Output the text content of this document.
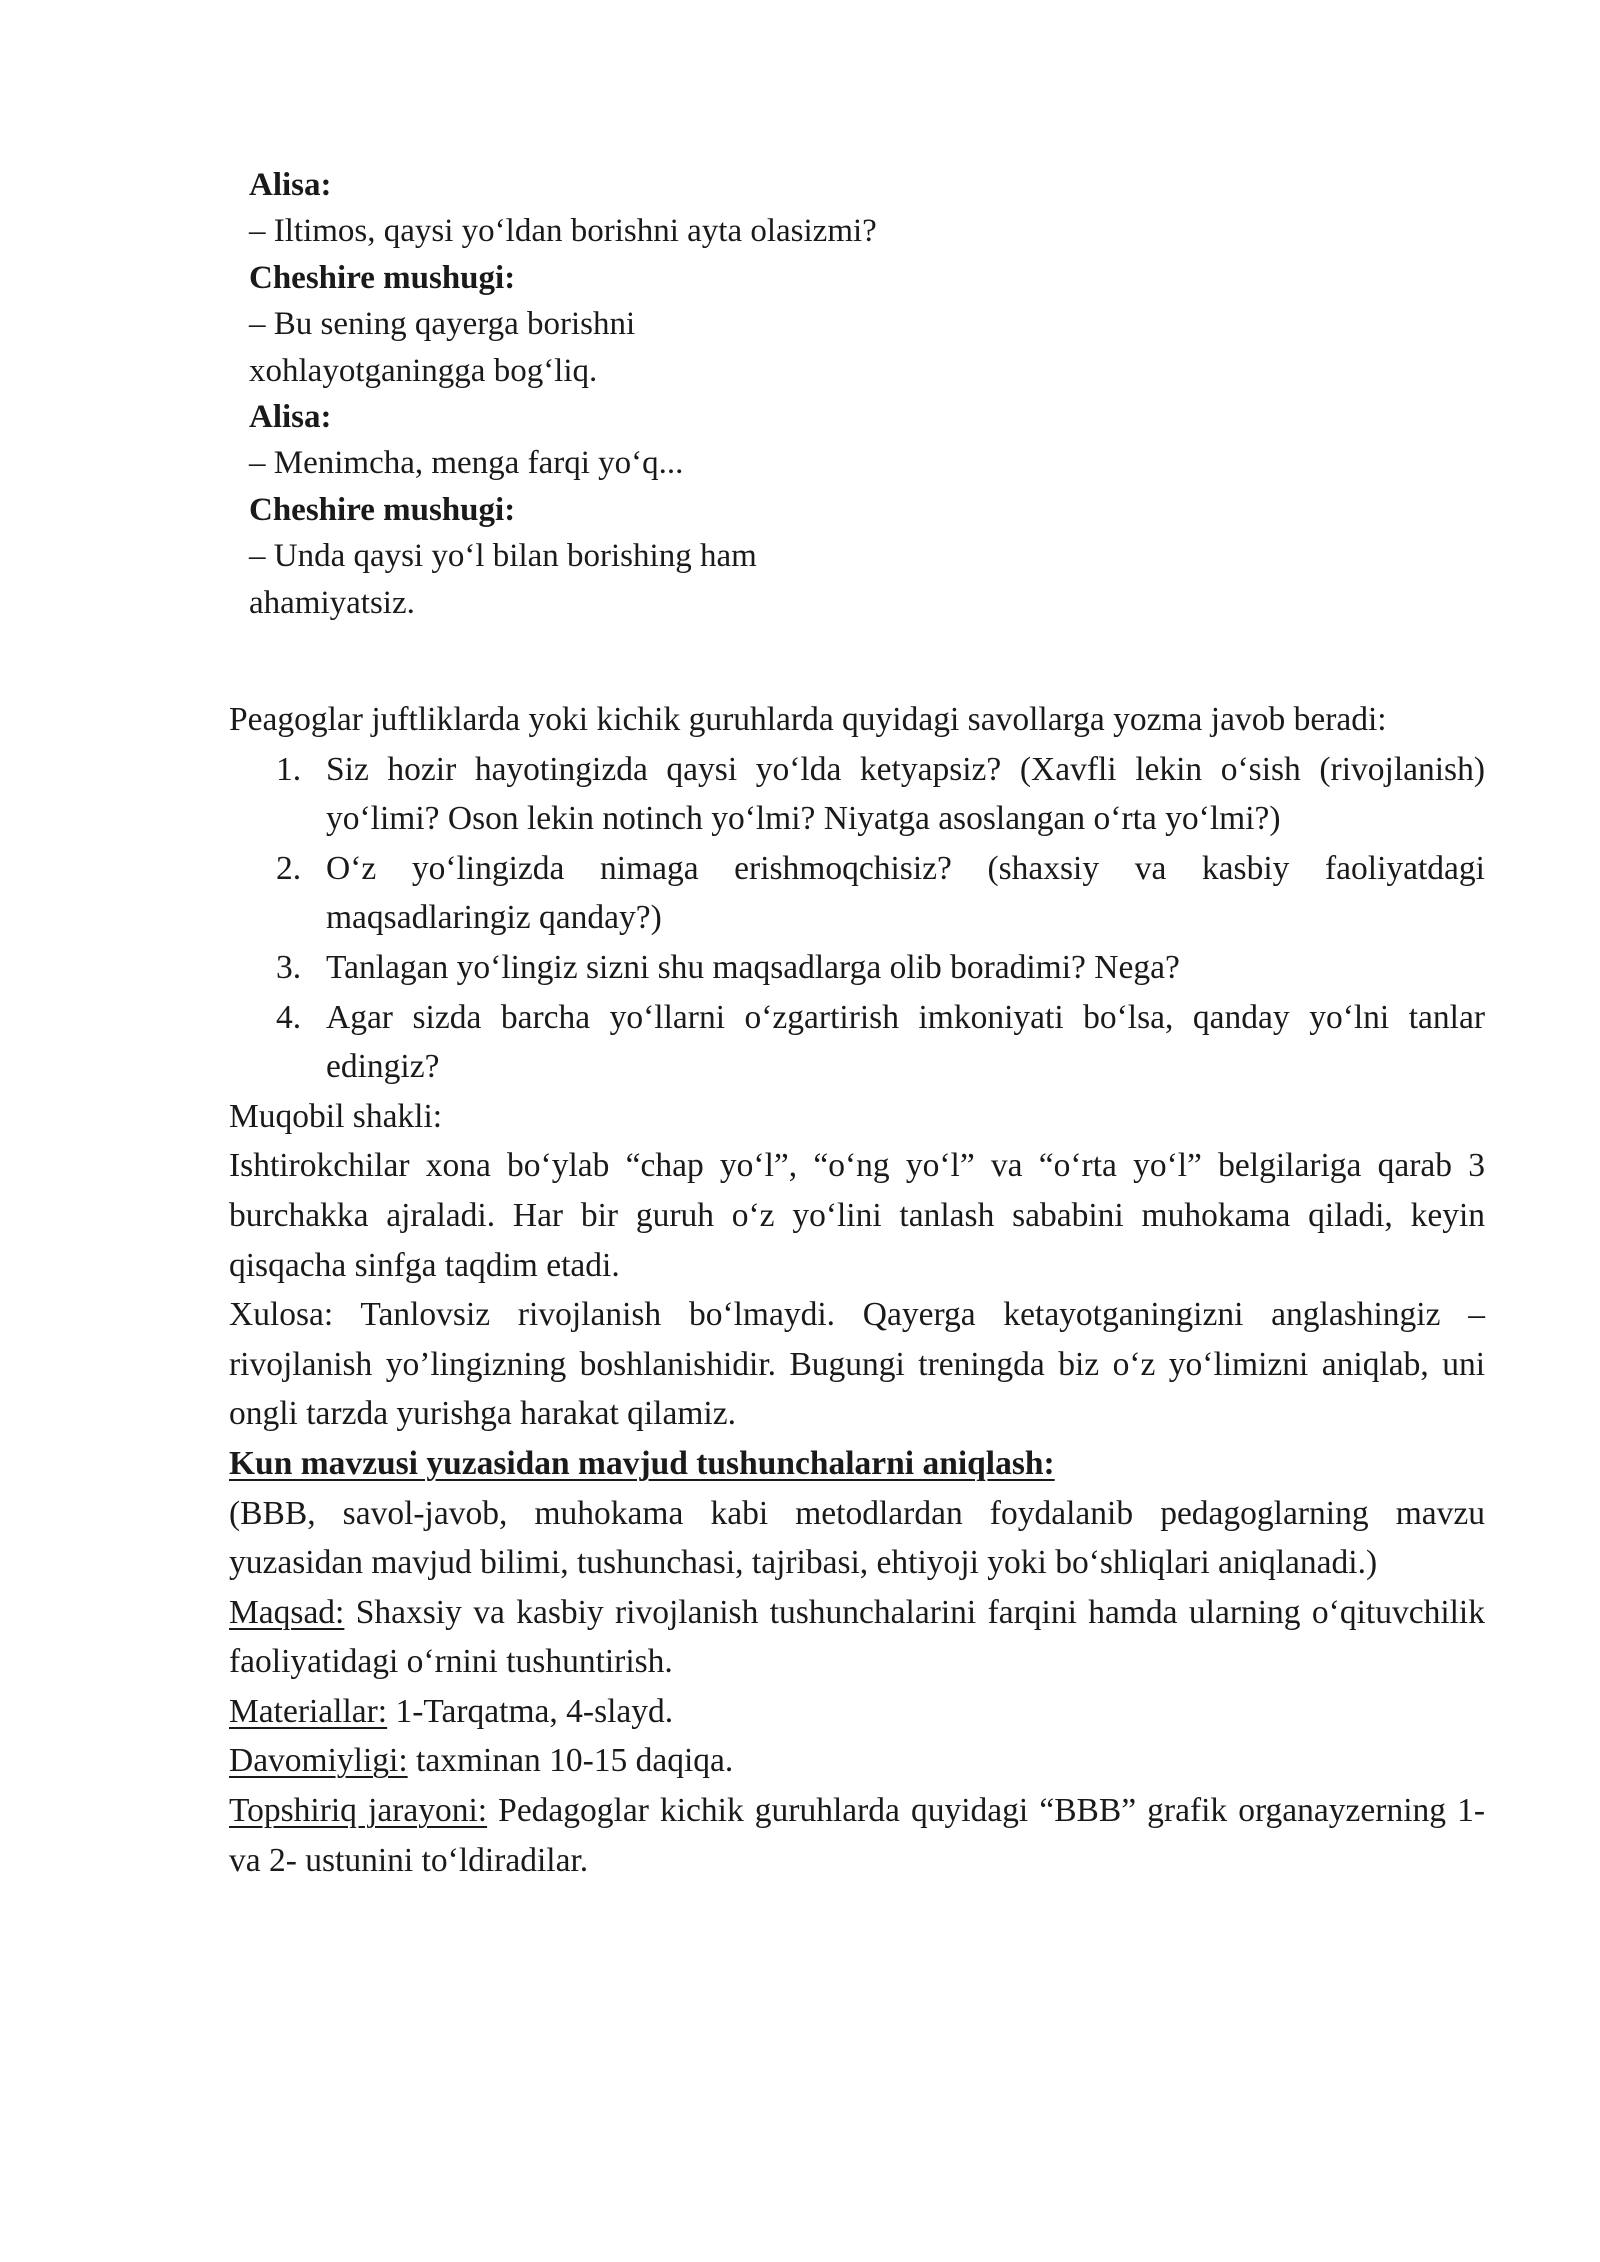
Alisa:
– Iltimos, qaysi yo‘ldan borishni ayta olasizmi?
Cheshire mushugi:
– Bu sening qayerga borishni
xohlayotganingga bog‘liq.
Alisa:
– Menimcha, menga farqi yo‘q...
Cheshire mushugi:
– Unda qaysi yo‘l bilan borishing ham
ahamiyatsiz.

Peagoglar juftliklarda yoki kichik guruhlarda quyidagi savollarga yozma javob beradi:

1. Siz hozir hayotingizda qaysi yo‘lda ketyapsiz? (Xavfli lekin o‘sish (rivojlanish) yo‘limi? Oson lekin notinch yo‘lmi? Niyatga asoslangan o‘rta yo‘lmi?)
2. O‘z yo‘lingizda nimaga erishmoqchisiz? (shaxsiy va kasbiy faoliyatdagi maqsadlaringiz qanday?)
3. Tanlagan yo‘lingiz sizni shu maqsadlarga olib boradimi? Nega?
4. Agar sizda barcha yo‘llarni o‘zgartirish imkoniyati bo‘lsa, qanday yo‘lni tanlar edingiz?

Muqobil shakli:

Ishtirokchilar xona bo‘ylab “chap yo‘l”, “o‘ng yo‘l” va “o‘rta yo‘l” belgilariga qarab 3 burchakka ajraladi. Har bir guruh o‘z yo‘lini tanlash sababini muhokama qiladi, keyin qisqacha sinfga taqdim etadi.

Xulosa: Tanlovsiz rivojlanish bo‘lmaydi. Qayerga ketayotganingizni anglashingiz – rivojlanish yo’lingizning boshlanishidir. Bugungi treningda biz o‘z yo‘limizni aniqlab, uni ongli tarzda yurishga harakat qilamiz.

Kun mavzusi yuzasidan mavjud tushunchalarni aniqlash:

(BBB, savol-javob, muhokama kabi metodlardan foydalanib pedagoglarning mavzu yuzasidan mavjud bilimi, tushunchasi, tajribasi, ehtiyoji yoki bo‘shliqlari aniqlanadi.)

Maqsad: Shaxsiy va kasbiy rivojlanish tushunchalarini farqini hamda ularning o‘qituvchilik faoliyatidagi o‘rnini tushuntirish.

Materiallar: 1-Tarqatma, 4-slayd.

Davomiyligi: taxminan 10-15 daqiqa.

Topshiriq jarayoni: Pedagoglar kichik guruhlarda quyidagi “BBB” grafik organayzerning 1- va 2- ustunini to‘ldiradilar.
